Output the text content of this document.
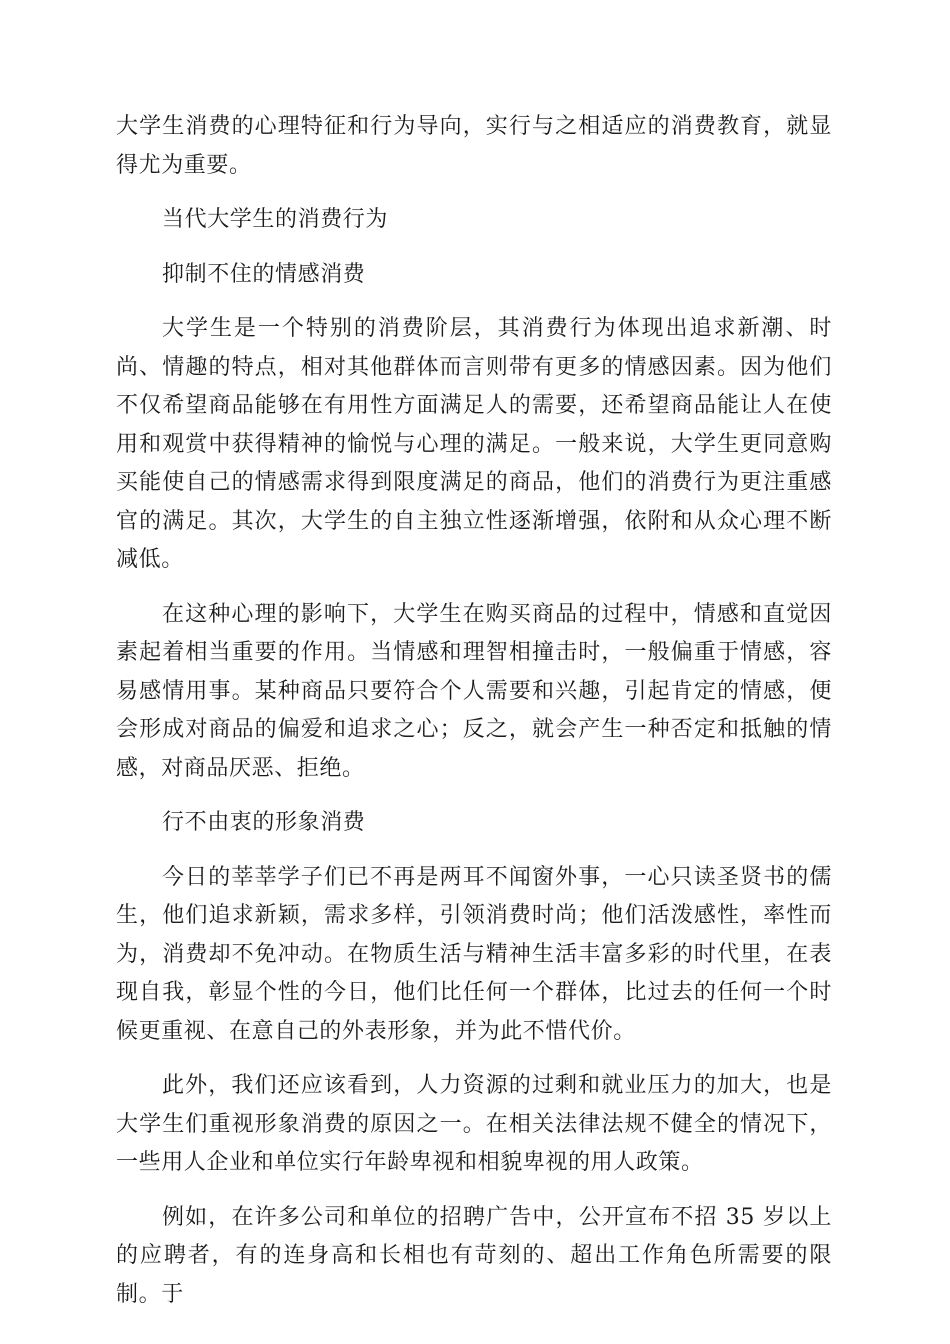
大学生消费的心理特征和行为导向，实行与之相适应的消费教育，就显得尤为重要。

当代大学生的消费行为

抑制不住的情感消费

大学生是一个特别的消费阶层，其消费行为体现出追求新潮、时尚、情趣的特点，相对其他群体而言则带有更多的情感因素。因为他们不仅希望商品能够在有用性方面满足人的需要，还希望商品能让人在使用和观赏中获得精神的愉悦与心理的满足。一般来说，大学生更同意购买能使自己的情感需求得到限度满足的商品，他们的消费行为更注重感官的满足。其次，大学生的自主独立性逐渐增强，依附和从众心理不断减低。

在这种心理的影响下，大学生在购买商品的过程中，情感和直觉因素起着相当重要的作用。当情感和理智相撞击时，一般偏重于情感，容易感情用事。某种商品只要符合个人需要和兴趣，引起肯定的情感，便会形成对商品的偏爱和追求之心；反之，就会产生一种否定和抵触的情感，对商品厌恶、拒绝。

行不由衷的形象消费

今日的莘莘学子们已不再是两耳不闻窗外事，一心只读圣贤书的儒生，他们追求新颖，需求多样，引领消费时尚；他们活泼感性，率性而为，消费却不免冲动。在物质生活与精神生活丰富多彩的时代里，在表现自我，彰显个性的今日，他们比任何一个群体，比过去的任何一个时候更重视、在意自己的外表形象，并为此不惜代价。

此外，我们还应该看到，人力资源的过剩和就业压力的加大，也是大学生们重视形象消费的原因之一。在相关法律法规不健全的情况下，一些用人企业和单位实行年龄卑视和相貌卑视的用人政策。

例如，在许多公司和单位的招聘广告中，公开宣布不招 35 岁以上的应聘者，有的连身高和长相也有苛刻的、超出工作角色所需要的限制。于
